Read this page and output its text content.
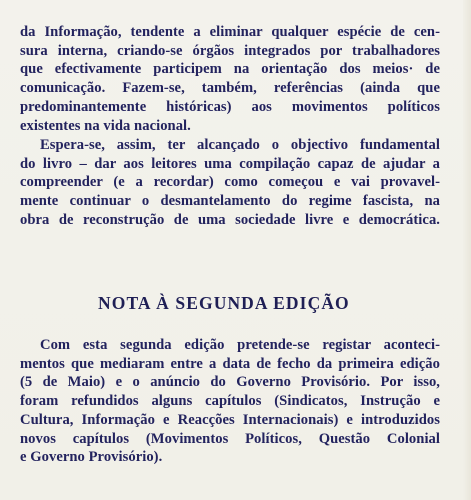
da Informação, tendente a eliminar qualquer espécie de cen-
sura interna, criando-se órgãos integrados por trabalhadores
que efectivamente participem na orientação dos meios· de
comunicação. Fazem-se, também, referências (ainda que
predominantemente históricas) aos movimentos políticos
existentes na vida nacional.

Espera-se, assim, ter alcançado o objectivo fundamental
do livro – dar aos leitores uma compilação capaz de ajudar a
compreender (e a recordar) como começou e vai provavel-
mente continuar o desmantelamento do regime fascista, na
obra de reconstrução de uma sociedade livre e democrática.

NOTA À SEGUNDA EDIÇÃO

Com esta segunda edição pretende-se registar aconteci-
mentos que mediaram entre a data de fecho da primeira edição
(5 de Maio) e o anúncio do Governo Provisório. Por isso,
foram refundidos alguns capítulos (Sindicatos, Instrução e
Cultura, Informação e Reacções Internacionais) e introduzidos
novos capítulos (Movimentos Políticos, Questão Colonial
e Governo Provisório).
